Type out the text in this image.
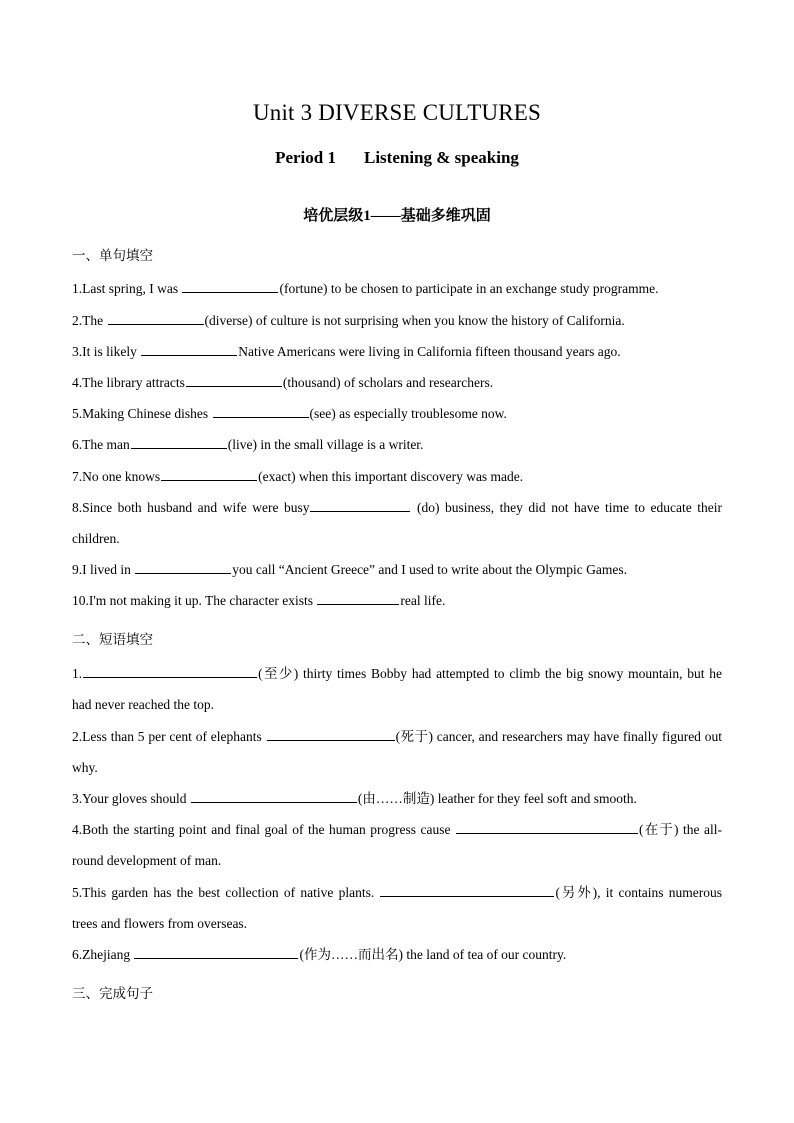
Unit 3 DIVERSE CULTURES
Period 1 Listening & speaking
培优层级1——基础多维巩固
一、单句填空
1.Last spring, I was	(fortune) to be chosen to participate in an exchange study programme.
2.The	(diverse) of culture is not surprising when you know the history of California.
3.It is likely	Native Americans were living in California fifteen thousand years ago.
4.The library attracts	(thousand) of scholars and researchers.
5.Making Chinese dishes	(see) as especially troublesome now.
6.The man	(live) in the small village is a writer.
7.No one knows	(exact) when this important discovery was made.
8.Since both husband and wife were busy	(do) business, they did not have time to educate their children.
9.I lived in	you call “Ancient Greece” and I used to write about the Olympic Games.
10.I'm not making it up. The character exists	real life.
二、短语填空
1.	(至少) thirty times Bobby had attempted to climb the big snowy mountain, but he had never reached the top.
2.Less than 5 per cent of elephants	(死于) cancer, and researchers may have finally figured out why.
3.Your gloves should	(由……制造) leather for they feel soft and smooth.
4.Both the starting point and final goal of the human progress cause	(在于) the all-round development of man.
5.This garden has the best collection of native plants.	(另外), it contains numerous trees and flowers from overseas.
6.Zhejiang	(作为……而出名) the land of tea of our country.
三、完成句子
